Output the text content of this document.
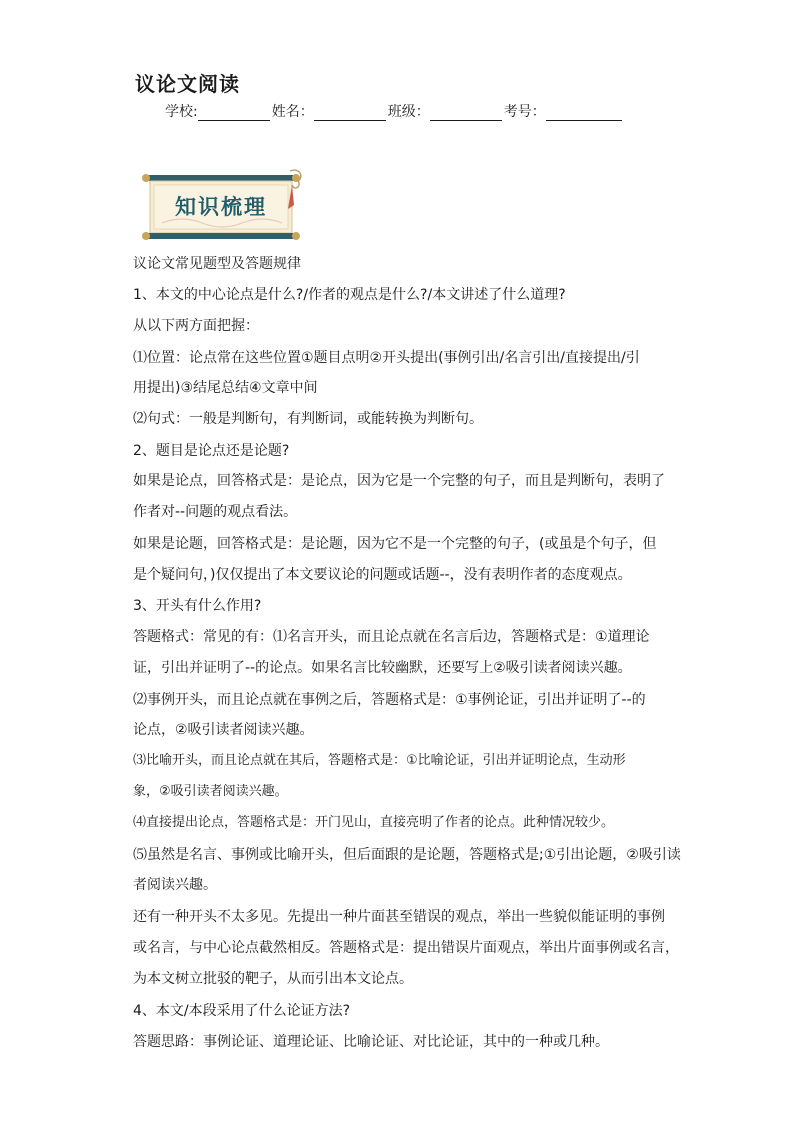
议论文阅读
学校:	姓名：	班级：	考号：
知识梳理
议论文常见题型及答题规律
1、本文的中心论点是什么?/作者的观点是什么?/本文讲述了什么道理?
从以下两方面把握：
⑴位置：论点常在这些位置①题目点明②开头提出(事例引出/名言引出/直接提出/引
用提出)③结尾总结④文章中间
⑵句式：一般是判断句，有判断词，或能转换为判断句。
2、题目是论点还是论题?
如果是论点，回答格式是：是论点，因为它是一个完整的句子，而且是判断句，表明了
作者对--问题的观点看法。
如果是论题，回答格式是：是论题，因为它不是一个完整的句子，(或虽是个句子，但
是个疑问句，)仅仅提出了本文要议论的问题或话题--，没有表明作者的态度观点。
3、开头有什么作用?
答题格式：常见的有：⑴名言开头，而且论点就在名言后边，答题格式是：①道理论
证，引出并证明了--的论点。如果名言比较幽默，还要写上②吸引读者阅读兴趣。
⑵事例开头，而且论点就在事例之后，答题格式是：①事例论证，引出并证明了--的
论点，②吸引读者阅读兴趣。
⑶比喻开头，而且论点就在其后，答题格式是：①比喻论证，引出并证明论点，生动形
象，②吸引读者阅读兴趣。
⑷直接提出论点，答题格式是：开门见山，直接亮明了作者的论点。此种情况较少。
⑸虽然是名言、事例或比喻开头，但后面跟的是论题，答题格式是;①引出论题，②吸引读
者阅读兴趣。
还有一种开头不太多见。先提出一种片面甚至错误的观点，举出一些貌似能证明的事例
或名言，与中心论点截然相反。答题格式是：提出错误片面观点，举出片面事例或名言，
为本文树立批驳的靶子，从而引出本文论点。
4、本文/本段采用了什么论证方法?
答题思路：事例论证、道理论证、比喻论证、对比论证，其中的一种或几种。
